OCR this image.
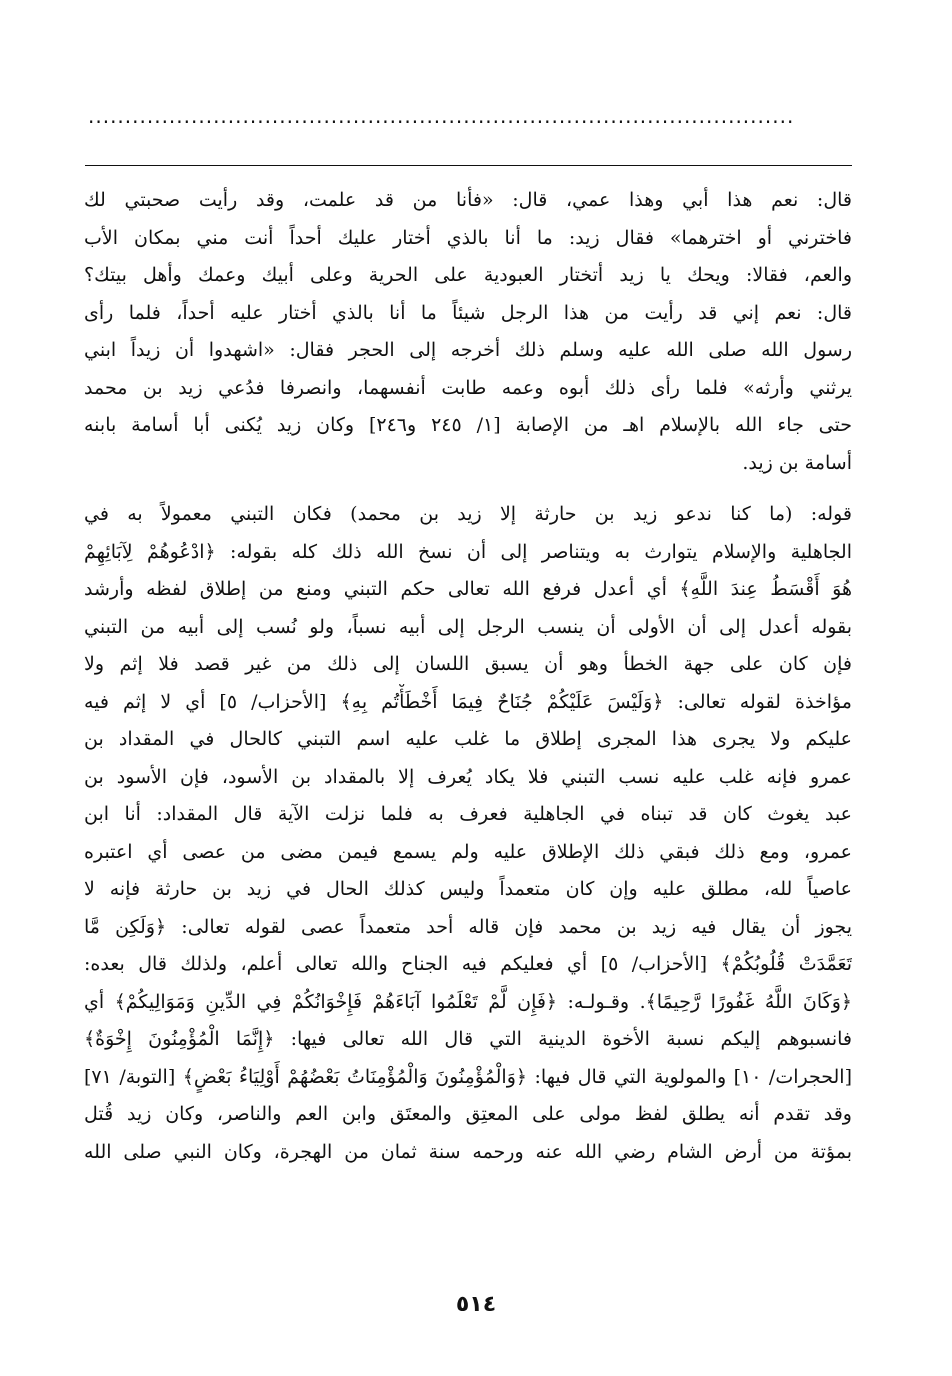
................................................................................................
قال: نعم هذا أبي وهذا عمي، قال: «فأنا من قد علمت، وقد رأيت صحبتي لك
فاخترني أو اخترهما» فقال زيد: ما أنا بالذي أختار عليك أحداً أنت مني بمكان الأب
والعم، فقالا: ويحك يا زيد أتختار العبودية على الحرية وعلى أبيك وعمك وأهل بيتك؟
قال: نعم إني قد رأيت من هذا الرجل شيئاً ما أنا بالذي أختار عليه أحداً، فلما رأى
رسول الله صلى الله عليه وسلم ذلك أخرجه إلى الحجر فقال: «اشهدوا أن زيداً ابني
يرثني وأرثه» فلما رأى ذلك أبوه وعمه طابت أنفسهما، وانصرفا فدُعي زيد بن محمد
حتى جاء الله بالإسلام اهـ من الإصابة [١/ ٢٤٥ و٢٤٦] وكان زيد يُكنى أبا أسامة بابنه
أسامة بن زيد.
قوله: (ما كنا ندعو زيد بن حارثة إلا زيد بن محمد) فكان التبني معمولاً به في
الجاهلية والإسلام يتوارث به ويتناصر إلى أن نسخ الله ذلك كله بقوله: ﴿ادْعُوهُمْ لِآبَائِهِمْ
هُوَ أَقْسَطُ عِندَ اللَّهِ﴾ أي أعدل فرفع الله تعالى حكم التبني ومنع من إطلاق لفظه وأرشد
بقوله أعدل إلى أن الأولى أن ينسب الرجل إلى أبيه نسباً، ولو نُسب إلى أبيه من التبني
فإن كان على جهة الخطأ وهو أن يسبق اللسان إلى ذلك من غير قصد فلا إثم ولا
مؤاخذة لقوله تعالى: ﴿وَلَيْسَ عَلَيْكُمْ جُنَاحٌ فِيمَا أَخْطَأْتُم بِهِ﴾ [الأحزاب/ ٥] أي لا إثم فيه
عليكم ولا يجرى هذا المجرى إطلاق ما غلب عليه اسم التبني كالحال في المقداد بن
عمرو فإنه غلب عليه نسب التبني فلا يكاد يُعرف إلا بالمقداد بن الأسود، فإن الأسود بن
عبد يغوث كان قد تبناه في الجاهلية فعرف به فلما نزلت الآية قال المقداد: أنا ابن
عمرو، ومع ذلك فبقي ذلك الإطلاق عليه ولم يسمع فيمن مضى من عصى أي اعتبره
عاصياً لله، مطلق عليه وإن كان متعمداً وليس كذلك الحال في زيد بن حارثة فإنه لا
يجوز أن يقال فيه زيد بن محمد فإن قاله أحد متعمداً عصى لقوله تعالى: ﴿وَلَكِن مَّا
تَعَمَّدَتْ قُلُوبُكُمْ﴾ [الأحزاب/ ٥] أي فعليكم فيه الجناح والله تعالى أعلم، ولذلك قال بعده:
﴿وَكَانَ اللَّهُ غَفُورًا رَّحِيمًا﴾. وقـولـه: ﴿فَإِن لَّمْ تَعْلَمُوا آبَاءَهُمْ فَإِخْوَانُكُمْ فِي الدِّينِ وَمَوَالِيكُمْ﴾ أي
فانسبوهم إليكم نسبة الأخوة الدينية التي قال الله تعالى فيها: ﴿إِنَّمَا الْمُؤْمِنُونَ إِخْوَةٌ﴾
[الحجرات/ ١٠] والمولوية التي قال فيها: ﴿وَالْمُؤْمِنُونَ وَالْمُؤْمِنَاتُ بَعْضُهُمْ أَوْلِيَاءُ بَعْضٍ﴾ [التوبة/ ٧١]
وقد تقدم أنه يطلق لفظ مولى على المعتِق والمعتَق وابن العم والناصر، وكان زيد قُتل
بمؤتة من أرض الشام رضي الله عنه ورحمه سنة ثمان من الهجرة، وكان النبي صلى الله
٥١٤
